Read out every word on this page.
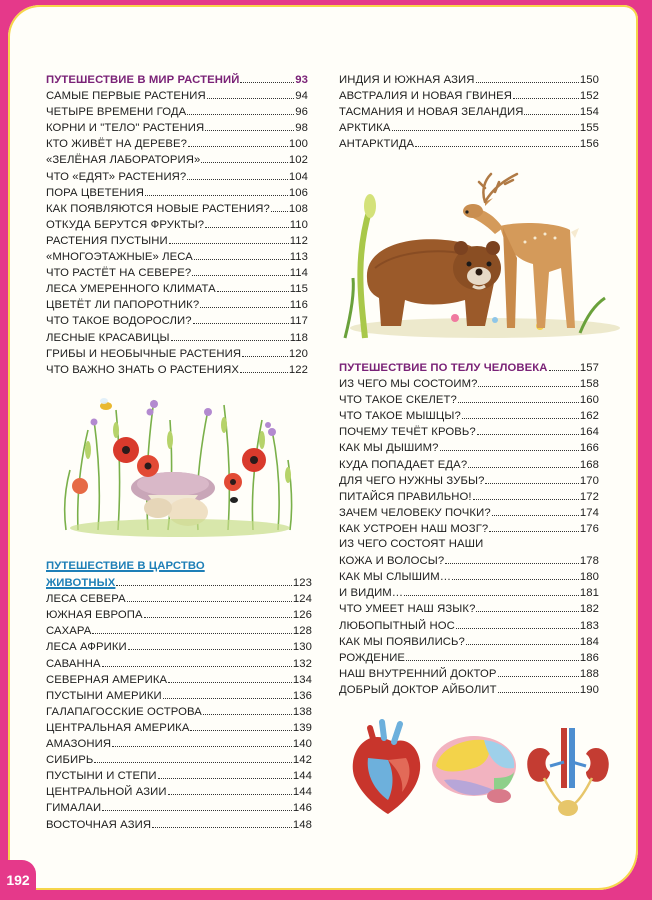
ПУТЕШЕСТВИЕ В МИР РАСТЕНИЙ	93
САМЫЕ ПЕРВЫЕ РАСТЕНИЯ	94
ЧЕТЫРЕ ВРЕМЕНИ ГОДА	96
КОРНИ И "ТЕЛО" РАСТЕНИЯ	98
КТО ЖИВЁТ НА ДЕРЕВЕ?	100
«ЗЕЛЁНАЯ ЛАБОРАТОРИЯ»	102
ЧТО «ЕДЯТ» РАСТЕНИЯ?	104
ПОРА ЦВЕТЕНИЯ	106
КАК ПОЯВЛЯЮТСЯ НОВЫЕ РАСТЕНИЯ? 108
ОТКУДА БЕРУТСЯ ФРУКТЫ?	110
РАСТЕНИЯ ПУСТЫНИ	112
«МНОГОЭТАЖНЫЕ» ЛЕСА	113
ЧТО РАСТЁТ НА СЕВЕРЕ?	114
ЛЕСА УМЕРЕННОГО КЛИМАТА	115
ЦВЕТЁТ ЛИ ПАПОРОТНИК?	116
ЧТО ТАКОЕ ВОДОРОСЛИ?	117
ЛЕСНЫЕ КРАСАВИЦЫ	118
ГРИБЫ И НЕОБЫЧНЫЕ РАСТЕНИЯ	120
ЧТО ВАЖНО ЗНАТЬ О РАСТЕНИЯХ	122
ПУТЕШЕСТВИЕ В ЦАРСТВО
ЖИВОТНЫХ	123
ЛЕСА СЕВЕРА	124
ЮЖНАЯ ЕВРОПА	126
САХАРА	128
ЛЕСА АФРИКИ	130
САВАННА	132
СЕВЕРНАЯ АМЕРИКА	134
ПУСТЫНИ АМЕРИКИ	136
ГАЛАПАГОССКИЕ ОСТРОВА	138
ЦЕНТРАЛЬНАЯ АМЕРИКА	139
АМАЗОНИЯ	140
СИБИРЬ	142
ПУСТЫНИ И СТЕПИ	144
ЦЕНТРАЛЬНОЙ АЗИИ	144
ГИМАЛАИ	146
ВОСТОЧНАЯ АЗИЯ	148
ИНДИЯ И ЮЖНАЯ АЗИЯ	150
АВСТРАЛИЯ И НОВАЯ ГВИНЕЯ	152
ТАСМАНИЯ И НОВАЯ ЗЕЛАНДИЯ	154
АРКТИКА	155
АНТАРКТИДА	156
ПУТЕШЕСТВИЕ ПО ТЕЛУ ЧЕЛОВЕКА	157
ИЗ ЧЕГО МЫ СОСТОИМ?	158
ЧТО ТАКОЕ СКЕЛЕТ?	160
ЧТО ТАКОЕ МЫШЦЫ?	162
ПОЧЕМУ ТЕЧЁТ КРОВЬ?	164
КАК МЫ ДЫШИМ?	166
КУДА ПОПАДАЕТ ЕДА?	168
ДЛЯ ЧЕГО НУЖНЫ ЗУБЫ?	170
ПИТАЙСЯ ПРАВИЛЬНО!	172
ЗАЧЕМ ЧЕЛОВЕКУ ПОЧКИ?	174
КАК УСТРОЕН НАШ МОЗГ?	176
ИЗ ЧЕГО СОСТОЯТ НАШИ
КОЖА И ВОЛОСЫ?	178
КАК МЫ СЛЫШИМ…	180
И ВИДИМ…	181
ЧТО УМЕЕТ НАШ ЯЗЫК?	182
ЛЮБОПЫТНЫЙ НОС	183
КАК МЫ ПОЯВИЛИСЬ?	184
РОЖДЕНИЕ	186
НАШ ВНУТРЕННИЙ ДОКТОР	188
ДОБРЫЙ ДОКТОР АЙБОЛИТ	190
192
